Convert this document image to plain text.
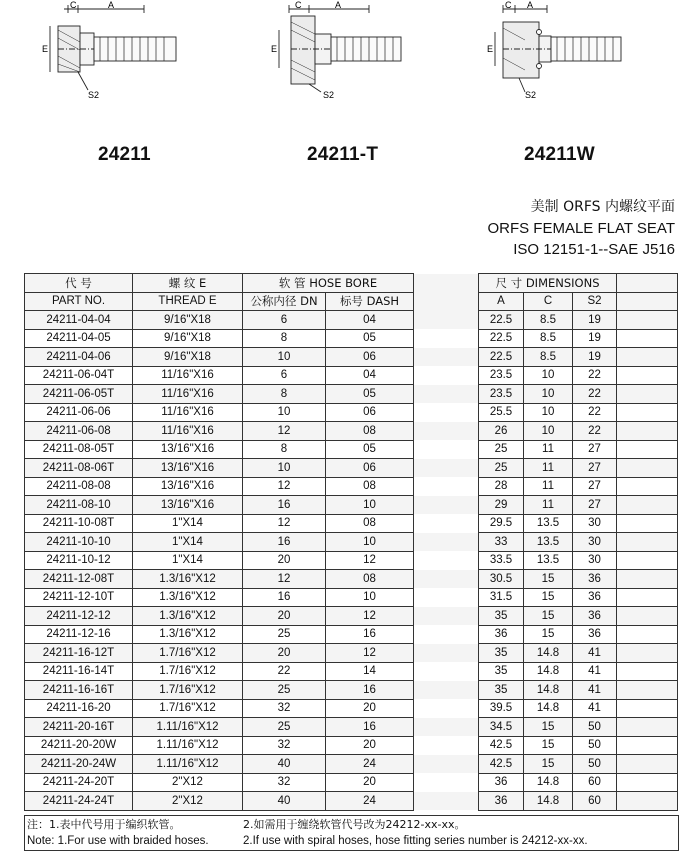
C	A
E
S2
C	A
E
S2
C A
E
S2
24211	24211-T	24211W
美制 ORFS 内螺纹平面
ORFS FEMALE FLAT SEAT
ISO 12151-1--SAE J516
代 号	螺 纹 E	软 管 HOSE BORE			尺 寸 DIMENSIONS			
PART NO.	THREAD E	公称内径 DN	标号 DASH		A	C	S2	
24211-04-04	9/16"X18	6	04		22.5	8.5	19	
24211-04-05	9/16"X18	8	05		22.5	8.5	19	
24211-04-06	9/16"X18	10	06		22.5	8.5	19	
24211-06-04T	11/16"X16	6	04		23.5	10	22	
24211-06-05T	11/16"X16	8	05		23.5	10	22	
24211-06-06	11/16"X16	10	06		25.5	10	22	
24211-06-08	11/16"X16	12	08		26	10	22	
24211-08-05T	13/16"X16	8	05		25	11	27	
24211-08-06T	13/16"X16	10	06		25	11	27	
24211-08-08	13/16"X16	12	08		28	11	27	
24211-08-10	13/16"X16	16	10		29	11	27	
24211-10-08T	1"X14	12	08		29.5	13.5	30	
24211-10-10	1"X14	16	10		33	13.5	30	
24211-10-12	1"X14	20	12		33.5	13.5	30	
24211-12-08T	1.3/16"X12	12	08		30.5	15	36	
24211-12-10T	1.3/16"X12	16	10		31.5	15	36	
24211-12-12	1.3/16"X12	20	12		35	15	36	
24211-12-16	1.3/16"X12	25	16		36	15	36	
24211-16-12T	1.7/16"X12	20	12		35	14.8	41	
24211-16-14T	1.7/16"X12	22	14		35	14.8	41	
24211-16-16T	1.7/16"X12	25	16		35	14.8	41	
24211-16-20	1.7/16"X12	32	20		39.5	14.8	41	
24211-20-16T	1.11/16"X12	25	16		34.5	15	50	
24211-20-20W	1.11/16"X12	32	20		42.5	15	50	
24211-20-24W	1.11/16"X12	40	24		42.5	15	50	
24211-24-20T	2"X12	32	20		36	14.8	60	
24211-24-24T	2"X12	40	24		36	14.8	60	
注：1.表中代号用于编织软管。	2.如需用于缠绕软管代号改为24212-xx-xx。
Note: 1.For use with braided hoses.	2.If use with spiral hoses, hose fitting series number is 24212-xx-xx.
